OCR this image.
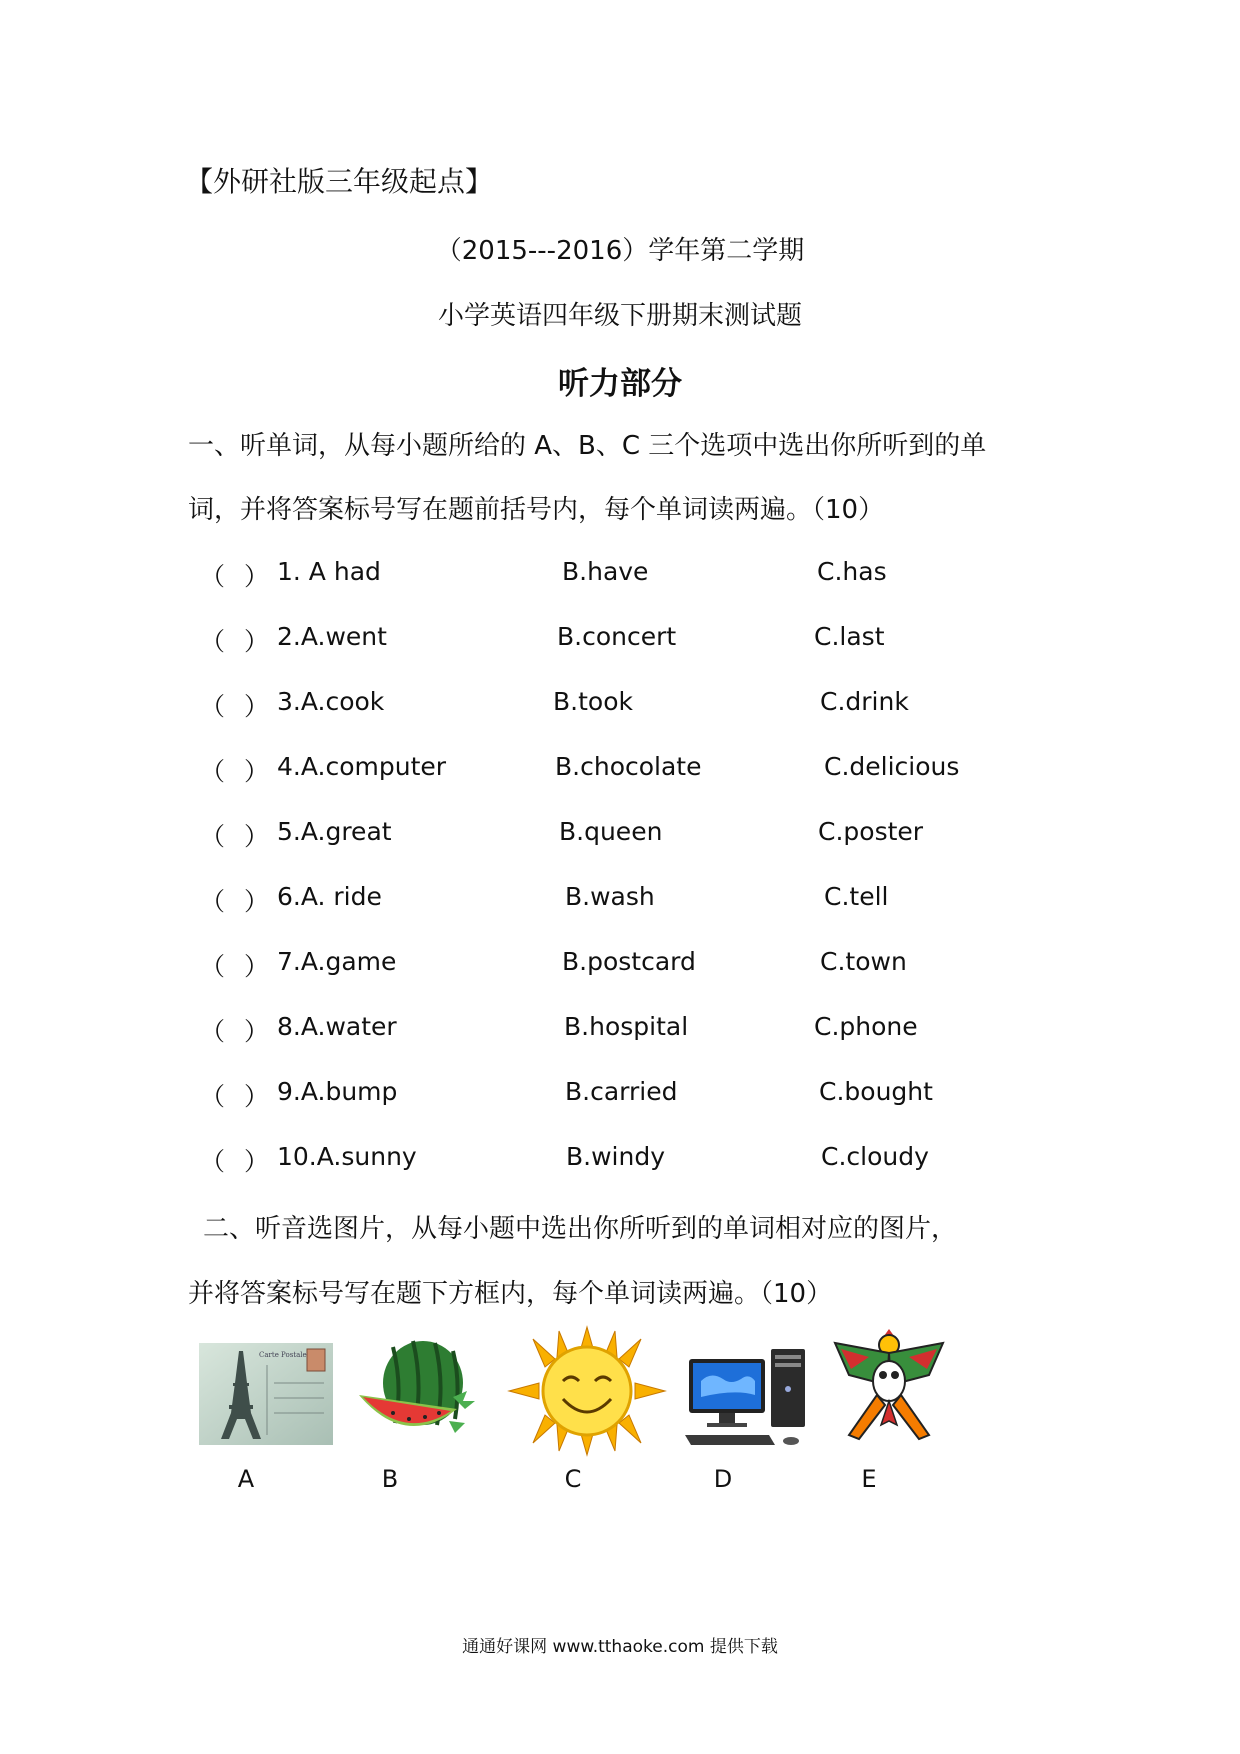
【外研社版三年级起点】
（2015---2016）学年第二学期
小学英语四年级下册期末测试题
听力部分
一、听单词，从每小题所给的 A、B、C 三个选项中选出你所听到的单
词，并将答案标号写在题前括号内，每个单词读两遍。（10）
（ ） 1. A had	B.have	C.has
（ ） 2.A.went	B.concert	C.last
（ ） 3.A.cook	B.took	C.drink
（ ） 4.A.computer	B.chocolate	C.delicious
（ ） 5.A.great	B.queen	C.poster
（ ） 6.A. ride	B.wash	C.tell
（ ） 7.A.game	B.postcard	C.town
（ ） 8.A.water	B.hospital	C.phone
（ ） 9.A.bump	B.carried	C.bought
（ ） 10.A.sunny	B.windy	C.cloudy
二、听音选图片，从每小题中选出你所听到的单词相对应的图片，
并将答案标号写在题下方框内，每个单词读两遍。（10）
Carte Postale
A	B	C	D	E
通通好课网 www.tthaoke.com 提供下载
